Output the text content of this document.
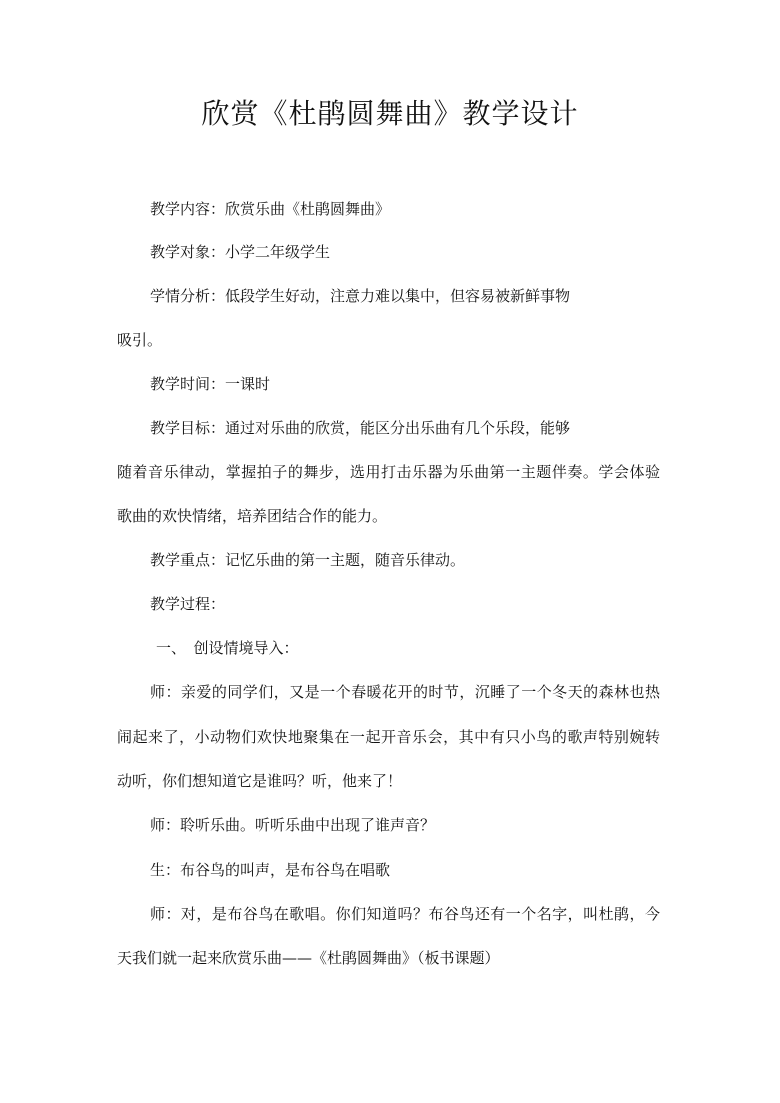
欣赏《杜鹃圆舞曲》教学设计
教学内容：欣赏乐曲《杜鹃圆舞曲》
教学对象：小学二年级学生
学情分析：低段学生好动，注意力难以集中，但容易被新鲜事物
吸引。
教学时间：一课时
教学目标：通过对乐曲的欣赏，能区分出乐曲有几个乐段，能够
随着音乐律动，掌握拍子的舞步，选用打击乐器为乐曲第一主题伴奏。学会体验
歌曲的欢快情绪，培养团结合作的能力。
教学重点：记忆乐曲的第一主题，随音乐律动。
教学过程：
一、　创设情境导入：
师：亲爱的同学们，又是一个春暖花开的时节，沉睡了一个冬天的森林也热
闹起来了，小动物们欢快地聚集在一起开音乐会，其中有只小鸟的歌声特别婉转
动听，你们想知道它是谁吗？听，他来了！
师：聆听乐曲。听听乐曲中出现了谁声音？
生：布谷鸟的叫声，是布谷鸟在唱歌
师：对，是布谷鸟在歌唱。你们知道吗？布谷鸟还有一个名字，叫杜鹃，今
天我们就一起来欣赏乐曲——《杜鹃圆舞曲》（板书课题）
